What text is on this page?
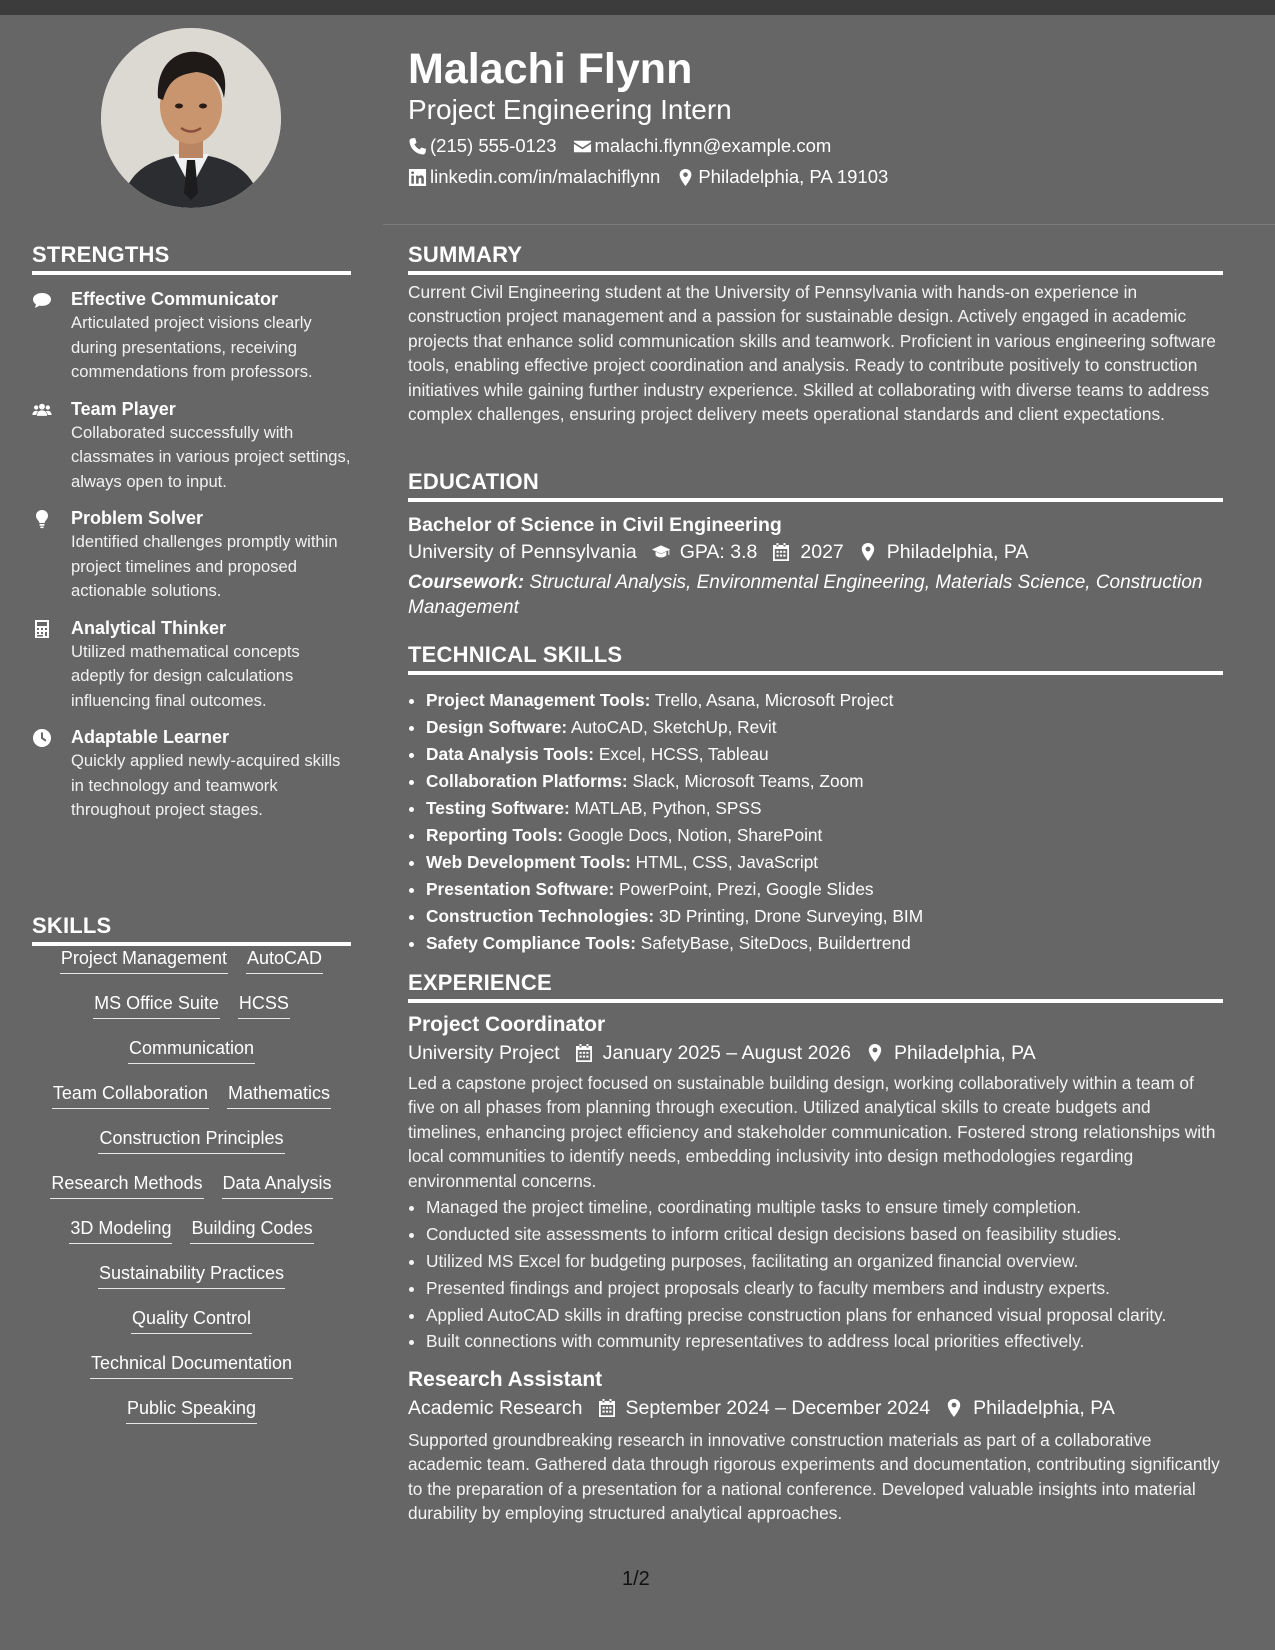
STRENGTHS
Effective Communicator
Articulated project visions clearly during presentations, receiving commendations from professors.
Team Player
Collaborated successfully with classmates in various project settings, always open to input.
Problem Solver
Identified challenges promptly within project timelines and proposed actionable solutions.
Analytical Thinker
Utilized mathematical concepts adeptly for design calculations influencing final outcomes.
Adaptable Learner
Quickly applied newly-acquired skills in technology and teamwork throughout project stages.
SKILLS
Project Management AutoCAD
MS Office Suite HCSS
Communication
Team Collaboration Mathematics
Construction Principles
Research Methods Data Analysis
3D Modeling Building Codes
Sustainability Practices
Quality Control
Technical Documentation
Public Speaking
Malachi Flynn
Project Engineering Intern
(215) 555-0123 malachi.flynn@example.com
linkedin.com/in/malachiflynn Philadelphia, PA 19103
SUMMARY
Current Civil Engineering student at the University of Pennsylvania with hands-on experience in construction project management and a passion for sustainable design. Actively engaged in academic projects that enhance solid communication skills and teamwork. Proficient in various engineering software tools, enabling effective project coordination and analysis. Ready to contribute positively to construction initiatives while gaining further industry experience. Skilled at collaborating with diverse teams to address complex challenges, ensuring project delivery meets operational standards and client expectations.
EDUCATION
Bachelor of Science in Civil Engineering
University of Pennsylvania GPA: 3.8 2027 Philadelphia, PA
Coursework: Structural Analysis, Environmental Engineering, Materials Science, Construction Management
TECHNICAL SKILLS
• Project Management Tools: Trello, Asana, Microsoft Project
• Design Software: AutoCAD, SketchUp, Revit
• Data Analysis Tools: Excel, HCSS, Tableau
• Collaboration Platforms: Slack, Microsoft Teams, Zoom
• Testing Software: MATLAB, Python, SPSS
• Reporting Tools: Google Docs, Notion, SharePoint
• Web Development Tools: HTML, CSS, JavaScript
• Presentation Software: PowerPoint, Prezi, Google Slides
• Construction Technologies: 3D Printing, Drone Surveying, BIM
• Safety Compliance Tools: SafetyBase, SiteDocs, Buildertrend
EXPERIENCE
Project Coordinator
University Project January 2025 – August 2026 Philadelphia, PA
Led a capstone project focused on sustainable building design, working collaboratively within a team of five on all phases from planning through execution. Utilized analytical skills to create budgets and timelines, enhancing project efficiency and stakeholder communication. Fostered strong relationships with local communities to identify needs, embedding inclusivity into design methodologies regarding environmental concerns.
• Managed the project timeline, coordinating multiple tasks to ensure timely completion.
• Conducted site assessments to inform critical design decisions based on feasibility studies.
• Utilized MS Excel for budgeting purposes, facilitating an organized financial overview.
• Presented findings and project proposals clearly to faculty members and industry experts.
• Applied AutoCAD skills in drafting precise construction plans for enhanced visual proposal clarity.
• Built connections with community representatives to address local priorities effectively.
Research Assistant
Academic Research September 2024 – December 2024 Philadelphia, PA
Supported groundbreaking research in innovative construction materials as part of a collaborative academic team. Gathered data through rigorous experiments and documentation, contributing significantly to the preparation of a presentation for a national conference. Developed valuable insights into material durability by employing structured analytical approaches.
1/2
